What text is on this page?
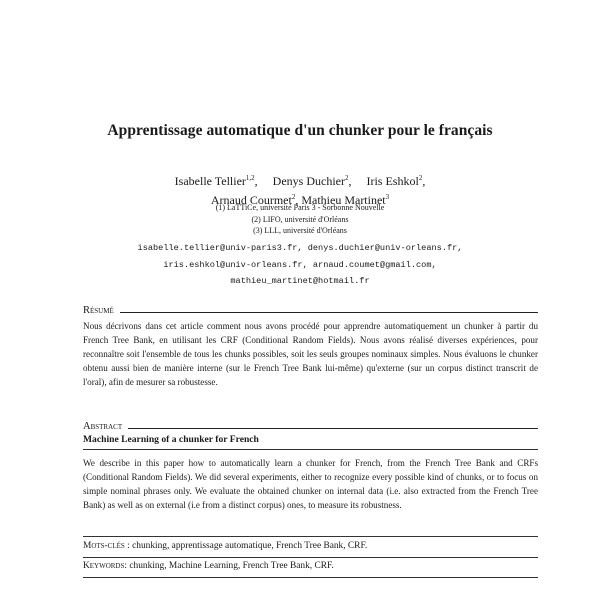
Apprentissage automatique d'un chunker pour le français
Isabelle Tellier$^{1,2}$,     Denys Duchier$^2$,     Iris Eshkol$^2$,
Arnaud Courmet$^2$, Mathieu Martinet$^3$
(1) LaTTiCe, université Paris 3 - Sorbonne Nouvelle
(2) LIFO, université d'Orléans
(3) LLL, université d'Orléans
isabelle.tellier@univ-paris3.fr, denys.duchier@univ-orleans.fr,
iris.eshkol@univ-orleans.fr, arnaud.coumet@gmail.com,
mathieu_martinet@hotmail.fr
Résumé
Nous décrivons dans cet article comment nous avons procédé pour apprendre automatiquement un chunker à partir du French Tree Bank, en utilisant les CRF (Conditional Random Fields). Nous avons réalisé diverses expériences, pour reconnaître soit l'ensemble de tous les chunks possibles, soit les seuls groupes nominaux simples. Nous évaluons le chunker obtenu aussi bien de manière interne (sur le French Tree Bank lui-même) qu'externe (sur un corpus distinct transcrit de l'oral), afin de mesurer sa robustesse.
Abstract
Machine Learning of a chunker for French
We describe in this paper how to automatically learn a chunker for French, from the French Tree Bank and CRFs (Conditional Random Fields). We did several experiments, either to recognize every possible kind of chunks, or to focus on simple nominal phrases only. We evaluate the obtained chunker on internal data (i.e. also extracted from the French Tree Bank) as well as on external (i.e from a distinct corpus) ones, to measure its robustness.
Mots-clés : chunking, apprentissage automatique, French Tree Bank, CRF.
Keywords: chunking, Machine Learning, French Tree Bank, CRF.
